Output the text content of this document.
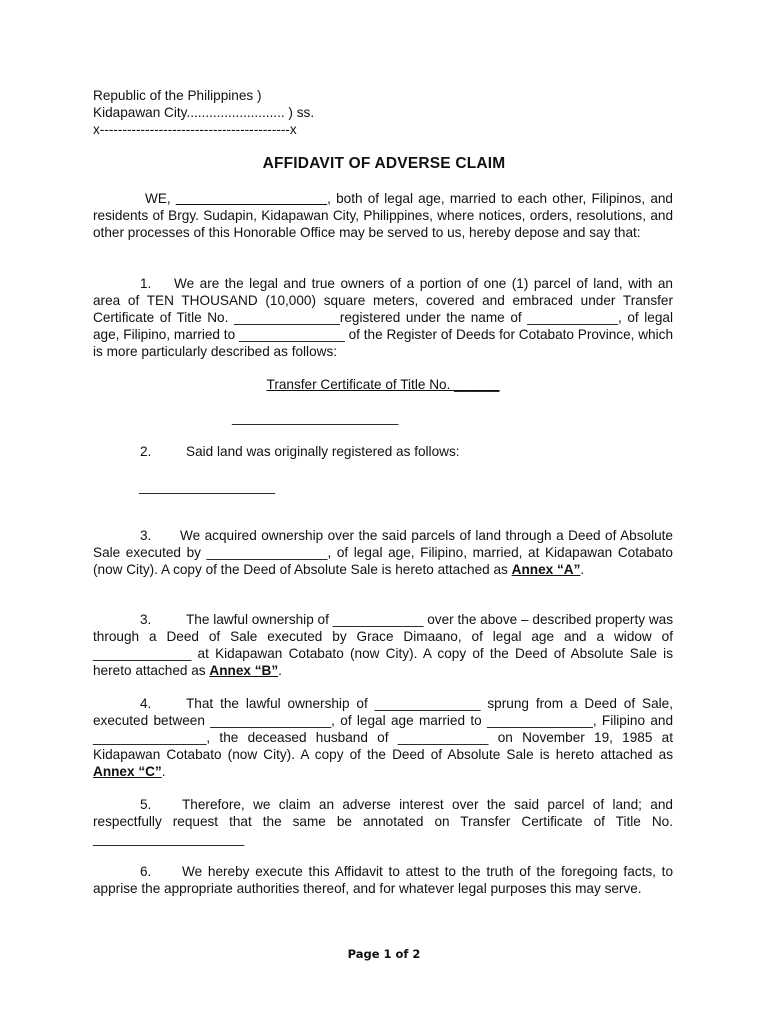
Republic of the Philippines )
Kidapawan City.......................... ) ss.
x------------------------------------------x
AFFIDAVIT OF ADVERSE CLAIM
WE, ____________________, both of legal age, married to each other, Filipinos, and residents of Brgy. Sudapin, Kidapawan City, Philippines, where notices, orders, resolutions, and other processes of this Honorable Office may be served to us, hereby depose and say that:
1. We are the legal and true owners of a portion of one (1) parcel of land, with an area of TEN THOUSAND (10,000) square meters, covered and embraced under Transfer Certificate of Title No. ______________registered under the name of ____________, of legal age, Filipino, married to ______________ of the Register of Deeds for Cotabato Province, which is more particularly described as follows:
Transfer Certificate of Title No. ______
______________________
2.	Said land was originally registered as follows:
__________________
3. We acquired ownership over the said parcels of land through a Deed of Absolute Sale executed by ________________, of legal age, Filipino, married, at Kidapawan Cotabato (now City). A copy of the Deed of Absolute Sale is hereto attached as Annex “A”.
3.	The lawful ownership of ____________ over the above – described property was through a Deed of Sale executed by Grace Dimaano, of legal age and a widow of _____________ at Kidapawan Cotabato (now City). A copy of the Deed of Absolute Sale is hereto attached as Annex “B”.
4.	That the lawful ownership of ______________ sprung from a Deed of Sale, executed between ________________, of legal age married to ______________, Filipino and _______________, the deceased husband of ____________ on November 19, 1985 at Kidapawan Cotabato (now City). A copy of the Deed of Absolute Sale is hereto attached as Annex “C”.
5. Therefore, we claim an adverse interest over the said parcel of land; and respectfully request that the same be annotated on Transfer Certificate of Title No. ____________________
6. We hereby execute this Affidavit to attest to the truth of the foregoing facts, to apprise the appropriate authorities thereof, and for whatever legal purposes this may serve.
Page 1 of 2
